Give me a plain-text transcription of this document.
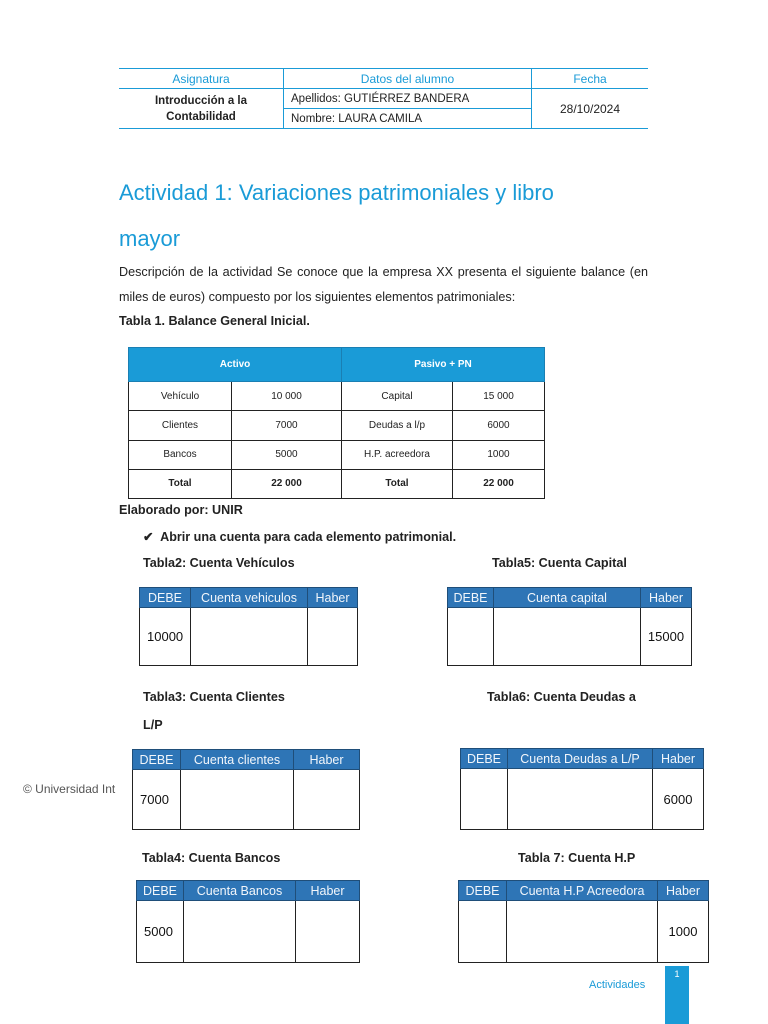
Asignatura	Datos del alumno	Fecha
Introducción a la
Contabilidad	Apellidos: GUTIÉRREZ BANDERA	28/10/2024
	Nombre: LAURA CAMILA	
Actividad 1: Variaciones patrimoniales y libro
mayor
Descripción de la actividad Se conoce que la empresa XX presenta el siguiente balance (en miles de euros) compuesto por los siguientes elementos patrimoniales:
Tabla 1. Balance General Inicial.
Activo		Pasivo + PN	
Vehículo	10 000	Capital	15 000
Clientes	7000	Deudas a l/p	6000
Bancos	5000	H.P. acreedora	1000
Total	22 000	Total	22 000
Elaborado por: UNIR
✔ Abrir una cuenta para cada elemento patrimonial.
Tabla2: Cuenta Vehículos
DEBE	Cuenta vehiculos	Haber
10000		
Tabla5: Cuenta Capital
DEBE	Cuenta capital	Haber
		15000
Tabla3: Cuenta Clientes
DEBE	Cuenta clientes	Haber
7000		
Tabla6: Cuenta Deudas a
L/P
DEBE	Cuenta Deudas a L/P	Haber
		6000
© Universidad Int
Tabla4: Cuenta Bancos
DEBE	Cuenta Bancos	Haber
5000		
Tabla 7: Cuenta H.P
DEBE	Cuenta H.P Acreedora	Haber
		1000
Actividades
1
